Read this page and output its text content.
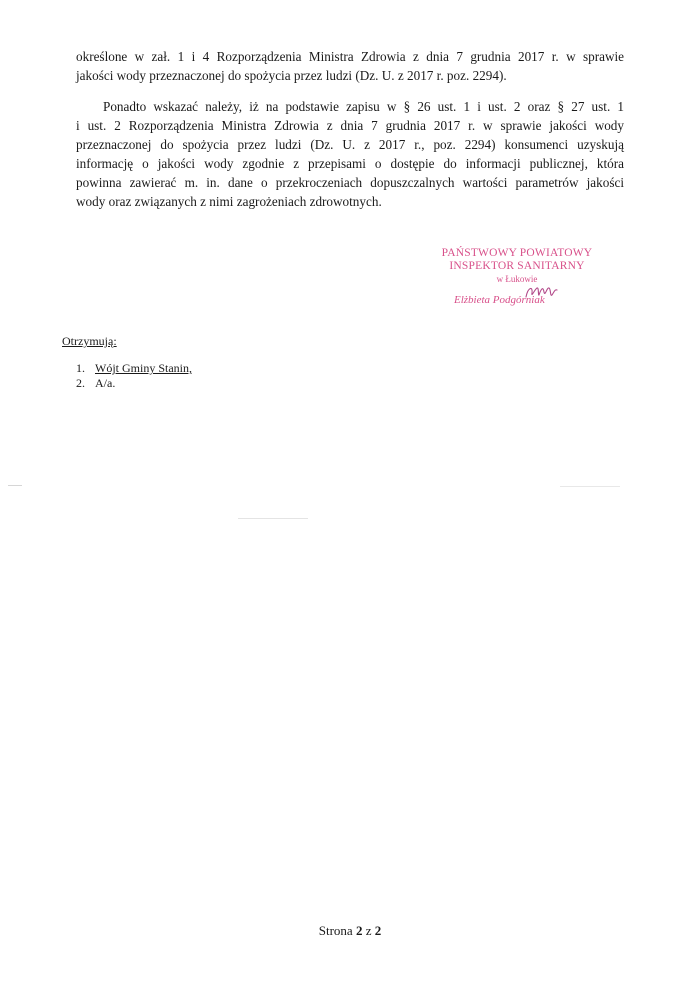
określone w zał. 1 i 4 Rozporządzenia Ministra Zdrowia z dnia 7 grudnia 2017 r. w sprawie
jakości wody przeznaczonej do spożycia przez ludzi (Dz. U. z 2017 r. poz. 2294).
Ponadto wskazać należy, iż na podstawie zapisu w § 26 ust. 1 i ust. 2 oraz § 27 ust. 1
i ust. 2 Rozporządzenia Ministra Zdrowia z dnia 7 grudnia 2017 r. w sprawie jakości wody
przeznaczonej do spożycia przez ludzi (Dz. U. z 2017 r., poz. 2294) konsumenci uzyskują
informację o jakości wody zgodnie z przepisami o dostępie do informacji publicznej, która
powinna zawierać m. in. dane o przekroczeniach dopuszczalnych wartości parametrów jakości
wody oraz związanych z nimi zagrożeniach zdrowotnych.
PAŃSTWOWY POWIATOWY
INSPEKTOR SANITARNY
w Łukowie
Elżbieta Podgórniak
Otrzymują:
1. Wójt Gminy Stanin,
2. A/a.
Strona 2 z 2
